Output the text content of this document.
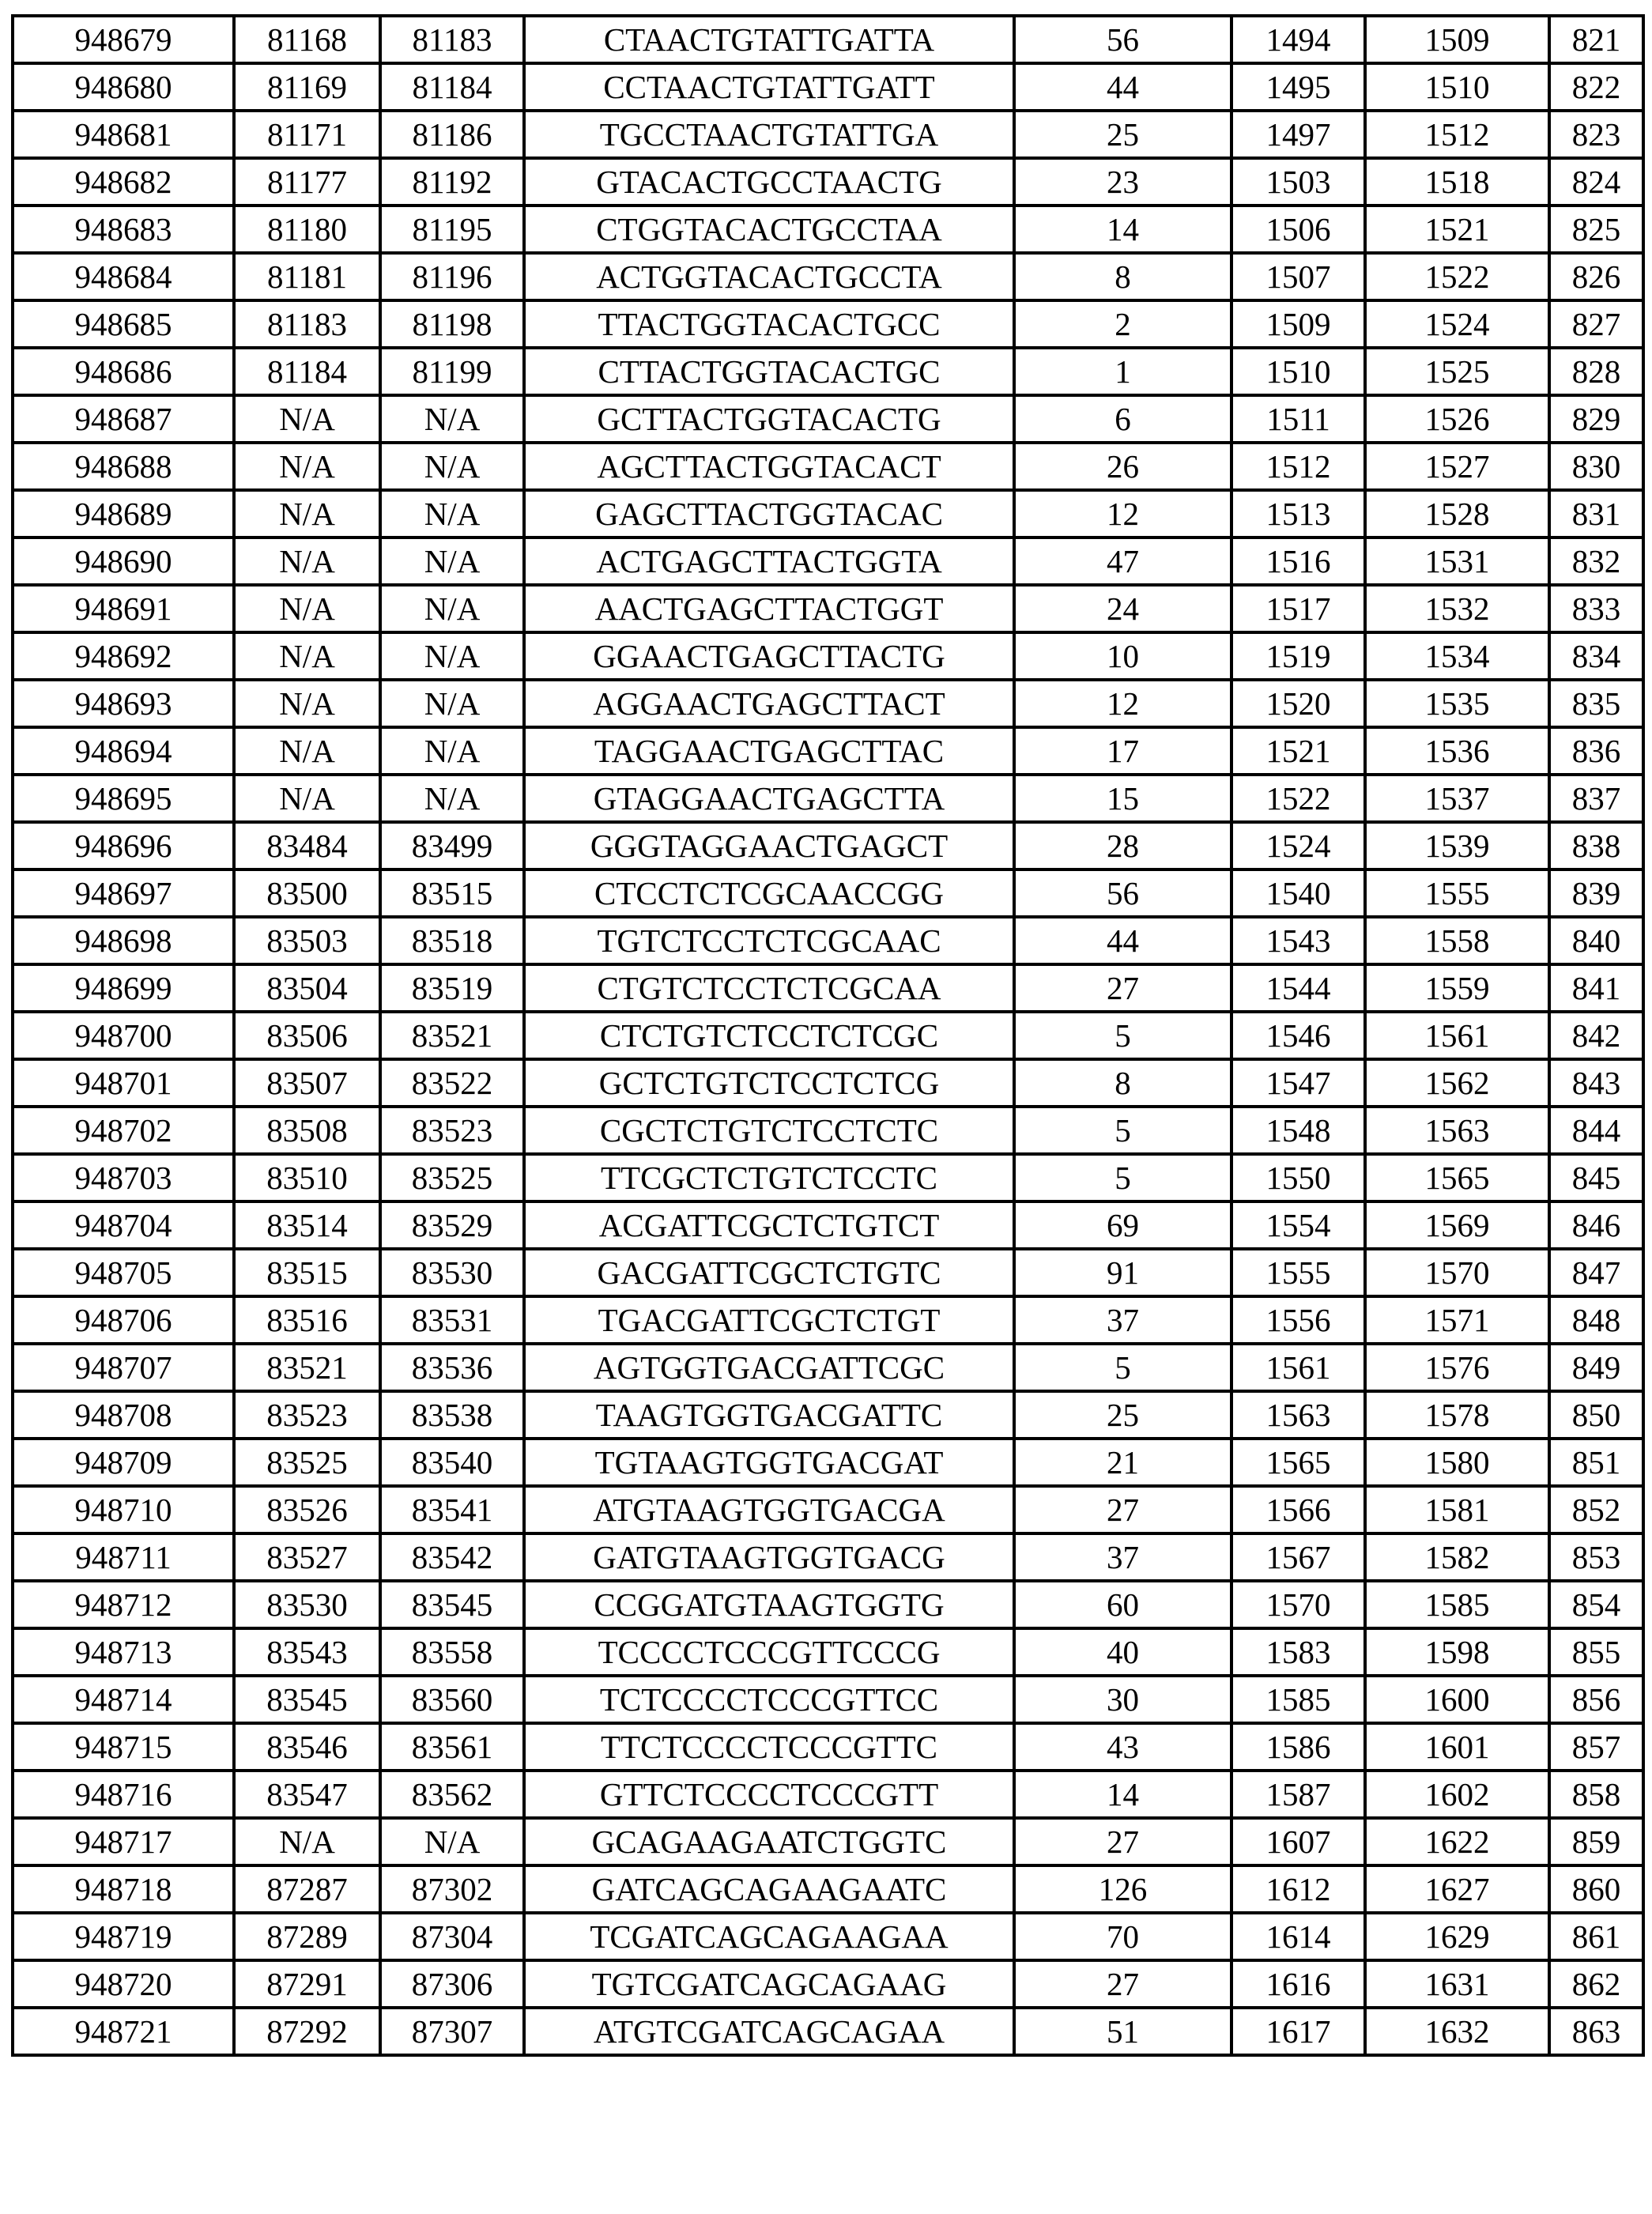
948679	81168	81183	CTAACTGTATTGATTA	56	1494	1509	821
948680	81169	81184	CCTAACTGTATTGATT	44	1495	1510	822
948681	81171	81186	TGCCTAACTGTATTGA	25	1497	1512	823
948682	81177	81192	GTACACTGCCTAACTG	23	1503	1518	824
948683	81180	81195	CTGGTACACTGCCTAA	14	1506	1521	825
948684	81181	81196	ACTGGTACACTGCCTA	8	1507	1522	826
948685	81183	81198	TTACTGGTACACTGCC	2	1509	1524	827
948686	81184	81199	CTTACTGGTACACTGC	1	1510	1525	828
948687	N/A	N/A	GCTTACTGGTACACTG	6	1511	1526	829
948688	N/A	N/A	AGCTTACTGGTACACT	26	1512	1527	830
948689	N/A	N/A	GAGCTTACTGGTACAC	12	1513	1528	831
948690	N/A	N/A	ACTGAGCTTACTGGTA	47	1516	1531	832
948691	N/A	N/A	AACTGAGCTTACTGGT	24	1517	1532	833
948692	N/A	N/A	GGAACTGAGCTTACTG	10	1519	1534	834
948693	N/A	N/A	AGGAACTGAGCTTACT	12	1520	1535	835
948694	N/A	N/A	TAGGAACTGAGCTTAC	17	1521	1536	836
948695	N/A	N/A	GTAGGAACTGAGCTTA	15	1522	1537	837
948696	83484	83499	GGGTAGGAACTGAGCT	28	1524	1539	838
948697	83500	83515	CTCCTCTCGCAACCGG	56	1540	1555	839
948698	83503	83518	TGTCTCCTCTCGCAAC	44	1543	1558	840
948699	83504	83519	CTGTCTCCTCTCGCAA	27	1544	1559	841
948700	83506	83521	CTCTGTCTCCTCTCGC	5	1546	1561	842
948701	83507	83522	GCTCTGTCTCCTCTCG	8	1547	1562	843
948702	83508	83523	CGCTCTGTCTCCTCTC	5	1548	1563	844
948703	83510	83525	TTCGCTCTGTCTCCTC	5	1550	1565	845
948704	83514	83529	ACGATTCGCTCTGTCT	69	1554	1569	846
948705	83515	83530	GACGATTCGCTCTGTC	91	1555	1570	847
948706	83516	83531	TGACGATTCGCTCTGT	37	1556	1571	848
948707	83521	83536	AGTGGTGACGATTCGC	5	1561	1576	849
948708	83523	83538	TAAGTGGTGACGATTC	25	1563	1578	850
948709	83525	83540	TGTAAGTGGTGACGAT	21	1565	1580	851
948710	83526	83541	ATGTAAGTGGTGACGA	27	1566	1581	852
948711	83527	83542	GATGTAAGTGGTGACG	37	1567	1582	853
948712	83530	83545	CCGGATGTAAGTGGTG	60	1570	1585	854
948713	83543	83558	TCCCCTCCCGTTCCCG	40	1583	1598	855
948714	83545	83560	TCTCCCCTCCCGTTCC	30	1585	1600	856
948715	83546	83561	TTCTCCCCTCCCGTTC	43	1586	1601	857
948716	83547	83562	GTTCTCCCCTCCCGTT	14	1587	1602	858
948717	N/A	N/A	GCAGAAGAATCTGGTC	27	1607	1622	859
948718	87287	87302	GATCAGCAGAAGAATC	126	1612	1627	860
948719	87289	87304	TCGATCAGCAGAAGAA	70	1614	1629	861
948720	87291	87306	TGTCGATCAGCAGAAG	27	1616	1631	862
948721	87292	87307	ATGTCGATCAGCAGAA	51	1617	1632	863
